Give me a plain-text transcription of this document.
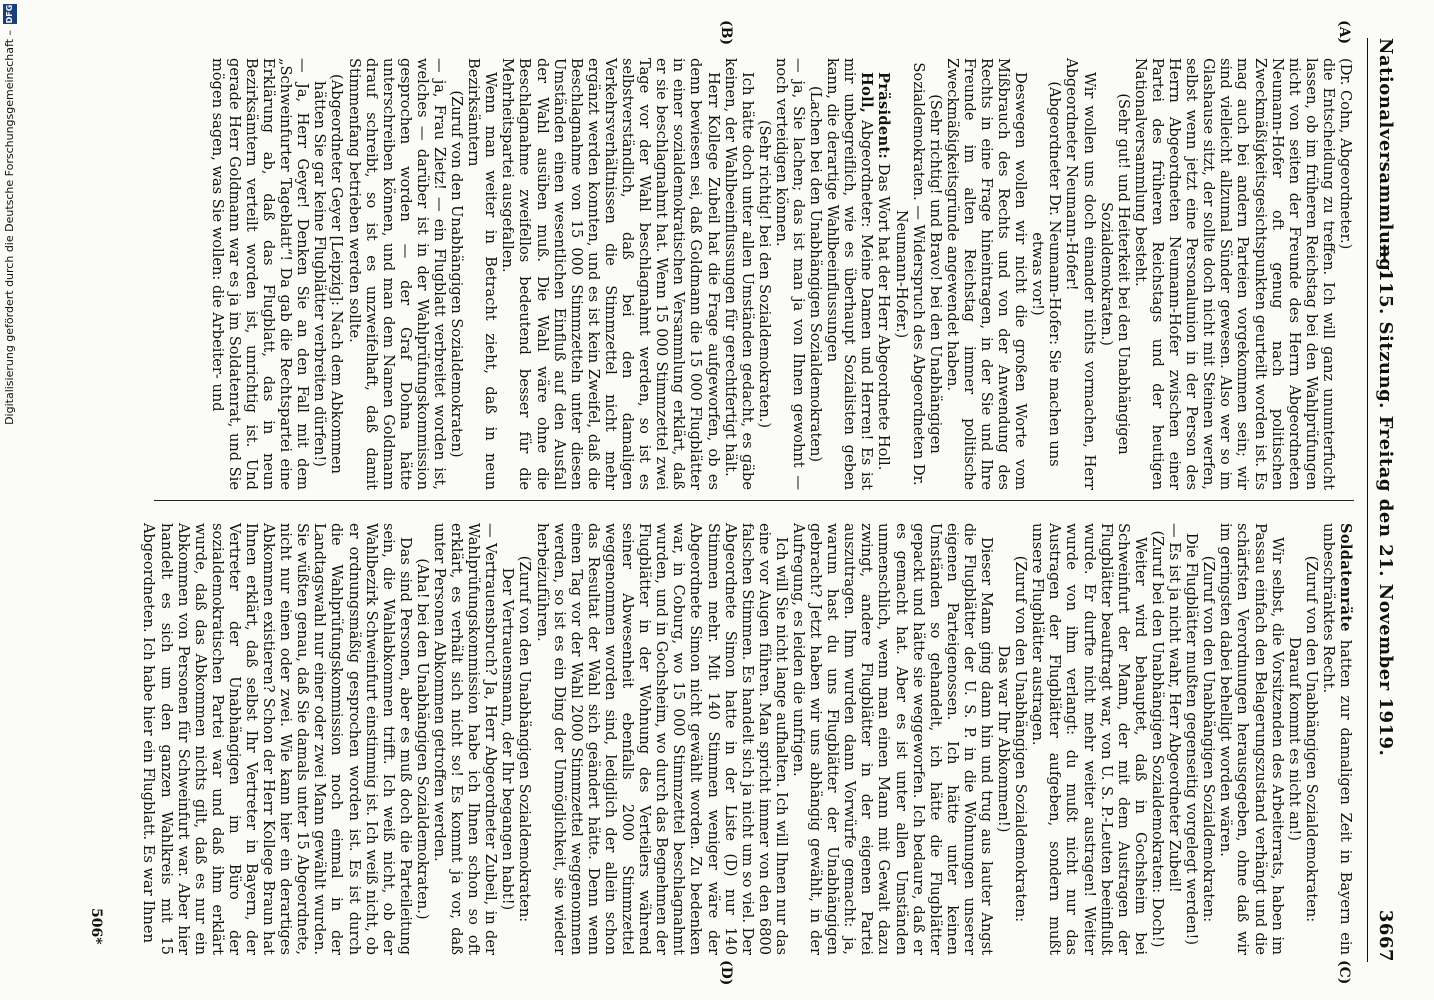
Nationalversammlung.
— 115. Sitzung. Freitag den 21. November 1919.
3667
(A)
(B)
(C)
(D)

(Dr. Cohn, Abgeordneter.)

die Entscheidung zu treffen. Ich will ganz unumterfucht lassen, ob im früheren Reichstag bei den Wahlprüfungen nicht von seiten der Freunde des Herrn Abgeordneten Neumann-Hofer oft genug nach politischen Zweckmäßigkeitsgesichtspunkten geurteilt worden ist. Es mag auch bei andern Parteien vorgekommen sein; wir sind vielleicht allzumal Sünder gewesen. Also wer so im Glashause sitzt, der sollte doch nicht mit Steinen werfen, selbst wenn jetzt eine Personalunion in der Person des Herrn Abgeordneten Neumann-Hofer zwischen einer Partei des früheren Reichstags und der heutigen Nationalversammlung besteht.

(Sehr gut! und Heiterkeit bei den Unabhängigen Sozialdemokraten.)

Wir wollen uns doch einander nichts vormachen, Herr Abgeordneter Neumann-Hofer!

(Abgeordneter Dr. Neumann-Hofer: Sie machen uns etwas vor!)

Deswegen wollen wir nicht die großen Worte vom Mißbrauch des Rechts und von der Anwendung des Rechts in eine Frage hineintragen, in der Sie und Ihre Freunde im alten Reichstag immer politische Zweckmäßigkeitsgründe angewendet haben.

(Sehr richtig! und Bravo! bei den Unabhängigen Sozialdemokraten. — Widerspruch des Abgeordneten Dr. Neumann-Hofer.)

Präsident: Das Wort hat der Herr Abgeordnete Holl.

Holl, Abgeordneter: Meine Damen und Herren! Es ist mir unbegreiflich, wie es überhaupt Sozialisten geben kann, die derartige Wahlbeeinflussungen

(Lachen bei den Unabhängigen Sozialdemokraten)

— ja, Sie lachen; das ist man ja von Ihnen gewohnt — noch verteidigen können.

(Sehr richtig! bei den Sozialdemokraten.)

Ich hätte doch unter allen Umständen gedacht, es gäbe keinen, der Wahlbeeinflussungen für gerechtfertigt hält.

Herr Kollege Zubeil hat die Frage aufgeworfen, ob es denn bewiesen sei, daß Goldmann die 15 000 Flugblätter in einer sozialdemokratischen Versammlung erklärt, daß er sie beschlagnahmt hat. Wenn 15 000 Stimmzettel zwei Tage vor der Wahl beschlagnahmt werden, so ist es selbstverständlich, daß bei den damaligen Verkehrsverhältnissen die Stimmzettel nicht mehr ergänzt werden konnten, und es ist kein Zweifel, daß die Beschlagnahme von 15 000 Stimmzetteln unter diesen Umständen einen wesentlichen Einfluß auf den Ausfall der Wahl ausüben muß. Die Wahl wäre ohne die Beschlagnahme zweifellos bedeutend besser für die Mehrheitspartei ausgefallen.

Wenn man weiter in Betracht zieht, daß in neun Bezirksämtern

(Zuruf von den Unabhängigen Sozialdemokraten)

— ja, Frau Zietz! — ein Flugblatt verbreitet worden ist, welches — darüber ist in der Wahlprüfungskommission gesprochen worden — der Graf Dohna hätte unterschreiben können, und man dem Namen Goldmann drauf schreibt, so ist es unzweifelhaft, daß damit Stimmenfang betrieben werden sollte.

(Abgeordneter Geyer [Leipzig]: Nach dem Abkommen hätten Sie gar keine Flugblätter verbreiten dürfen!)

— Ja, Herr Geyer! Denken Sie an den Fall mit dem „Schweinfurter Tageblatt“! Da gab die Rechtspartei eine Erklärung ab, daß das Flugblatt, das in neun Bezirksämtern verteilt worden ist, unrichtig ist. Und gerade Herr Goldmann war es ja im Soldatenrat, und Sie mögen sagen, was Sie wollen: die Arbeiter- und

Soldatenräte hatten zur damaligen Zeit in Bayern ein unbeschränktes Recht.

(Zuruf von den Unabhängigen Sozialdemokraten:

Darauf kommt es nicht an!)

Wir selbst, die Vorsitzenden des Arbeiterrats, haben im Passau einfach den Belagerungszustand verhängt und die schärfsten Verordnungen herausgegeben, ohne daß wir im geringsten dabei behelligt worden wären.

(Zuruf von den Unabhängigen Sozialdemokraten:

Die Flugblätter mußten gegenseitig vorgelegt werden!)

— Es ist ja nicht wahr, Herr Abgeordneter Zubeil!

(Zuruf bei den Unabhängigen Sozialdemokraten: Doch!)

Weiter wird behauptet, daß in Gochsheim bei Schweinfurt der Mann, der mit dem Austragen der Flugblätter beauftragt war, von U. S. P.-Leuten beeinflußt wurde. Er durfte nicht mehr weiter austragen! Weiter wurde von ihm verlangt: du mußt nicht nur das Austragen der Flugblätter aufgeben, sondern mußt unsere Flugblätter austragen.

(Zuruf von den Unabhängigen Sozialdemokraten:

Das war Ihr Abkommen!)

Dieser Mann ging dann hin und trug aus lauter Angst die Flugblätter der U. S. P. in die Wohnungen unserer eigenen Parteigenossen. Ich hätte unter keinen Umständen so gehandelt, ich hätte die Flugblätter gepackt und hätte sie weggeworfen. Ich bedaure, daß er es gemacht hat. Aber es ist unter allen Umständen unmenschlich, wenn man einen Mann mit Gewalt dazu zwingt, andere Flugblätter in der eigenen Partei auszutragen. Ihm wurden dann Vorwürfe gemacht: ja, warum hast du uns Flugblätter der Unabhängigen gebracht? Jetzt haben wir uns abhängig gewählt, in der Aufregung, es leiden die unfrigen.

Ich will Sie nicht lange aufhalten. Ich will Ihnen nur das eine vor Augen führen. Man spricht immer von den 6800 falschen Stimmen. Es handelt sich ja nicht um so viel. Der Abgeordnete Simon hatte in der Liste (D) nur 140 Stimmen mehr. Mit 140 Stimmen weniger wäre der Abgeordnete Simon nicht gewählt worden. Zu bedenken war, in Coburg, wo 15 000 Stimmzettel beschlagnahmt wurden, und in Gochsheim, wo durch das Begnehmen der Flugblätter in der Wohnung des Verteilers während seiner Abwesenheit ebenfalls 2000 Stimmzettel weggenommen worden sind, lediglich der allein schon das Resultat der Wahl sich geändert hätte. Denn wenn einen Tag vor der Wahl 2000 Stimmzettel weggenommen werden, so ist es ein Ding der Unmöglichkeit, sie wieder herbeizuführen.

(Zuruf von den Unabhängigen Sozialdemokraten:

Der Vertrauensmann, der Ihr begangen habt!)

— Vertrauensbruch? Ja, Herr Abgeordneter Zubeil, in der Wahlprüfungskommission habe ich Ihnen schon so oft erklärt, es verhält sich nicht so! Es kommt ja vor, daß unter Personen Abkommen getroffen werden.

(Aha! bei den Unabhängigen Sozialdemokraten.)

Das sind Personen, aber es muß doch die Parteileitung sein, die Wahlabkommen trifft. Ich weiß nicht, ob der Wahlbezirk Schweinfurt einstimmig ist. Ich weiß nicht, ob er ordnungsmäßig gesprochen worden ist. Es ist durch die Wahlprüfungskommission noch einmal in der Landtagswahl nur einer oder zwei Mann gewählt wurden. Sie wüßten genau, daß Sie damals unter 15 Abgeordnete, nicht nur einen oder zwei. Wie kann hier ein derartiges Abkommen existieren? Schon der Herr Kollege Braun hat Ihnen erklärt, daß selbst Ihr Vertreter in Bayern, der Vertreter der Unabhängigen im Büro der sozialdemokratischen Partei war und daß ihm erklärt wurde, daß das Abkommen nichts gilt, daß es nur ein Abkommen von Personen für Schweinfurt war. Aber hier handelt es sich um den ganzen Wahlkreis mit 15 Abgeordneten. Ich habe hier ein Flugblatt. Es war Ihnen

506*
Digitalisierung gefördert durch die Deutsche Forschungsgemeinschaft –
DFG
